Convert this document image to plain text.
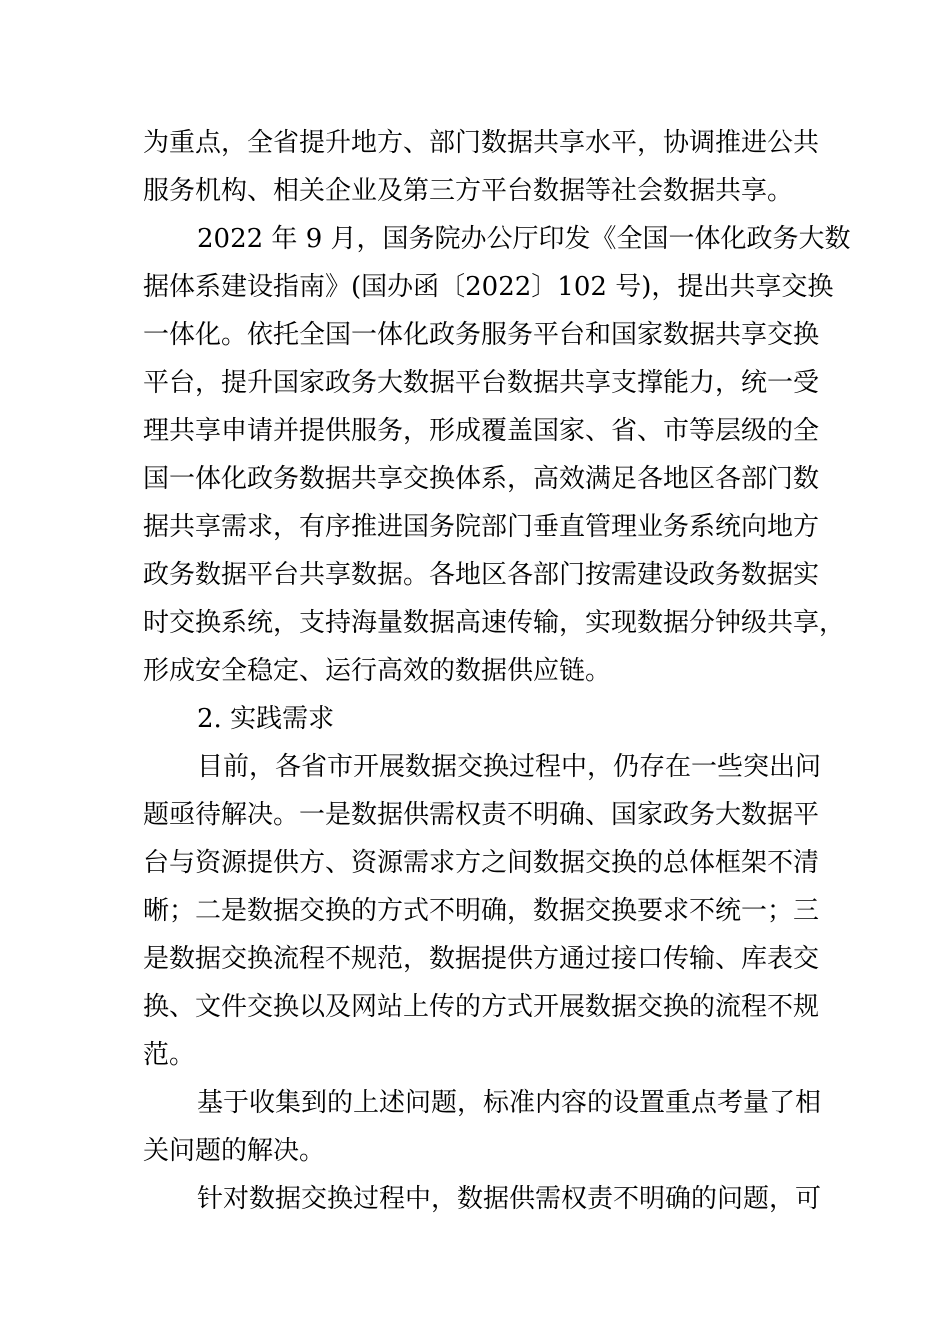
为重点，全省提升地方、部门数据共享水平，协调推进公共
服务机构、相关企业及第三方平台数据等社会数据共享。
2022 年 9 月，国务院办公厅印发《全国一体化政务大数
据体系建设指南》(国办函〔2022〕102 号)，提出共享交换
一体化。依托全国一体化政务服务平台和国家数据共享交换
平台，提升国家政务大数据平台数据共享支撑能力，统一受
理共享申请并提供服务，形成覆盖国家、省、市等层级的全
国一体化政务数据共享交换体系，高效满足各地区各部门数
据共享需求，有序推进国务院部门垂直管理业务系统向地方
政务数据平台共享数据。各地区各部门按需建设政务数据实
时交换系统，支持海量数据高速传输，实现数据分钟级共享，
形成安全稳定、运行高效的数据供应链。
2. 实践需求
目前，各省市开展数据交换过程中，仍存在一些突出问
题亟待解决。一是数据供需权责不明确、国家政务大数据平
台与资源提供方、资源需求方之间数据交换的总体框架不清
晰；二是数据交换的方式不明确，数据交换要求不统一；三
是数据交换流程不规范，数据提供方通过接口传输、库表交
换、文件交换以及网站上传的方式开展数据交换的流程不规
范。
基于收集到的上述问题，标准内容的设置重点考量了相
关问题的解决。
针对数据交换过程中，数据供需权责不明确的问题，可
